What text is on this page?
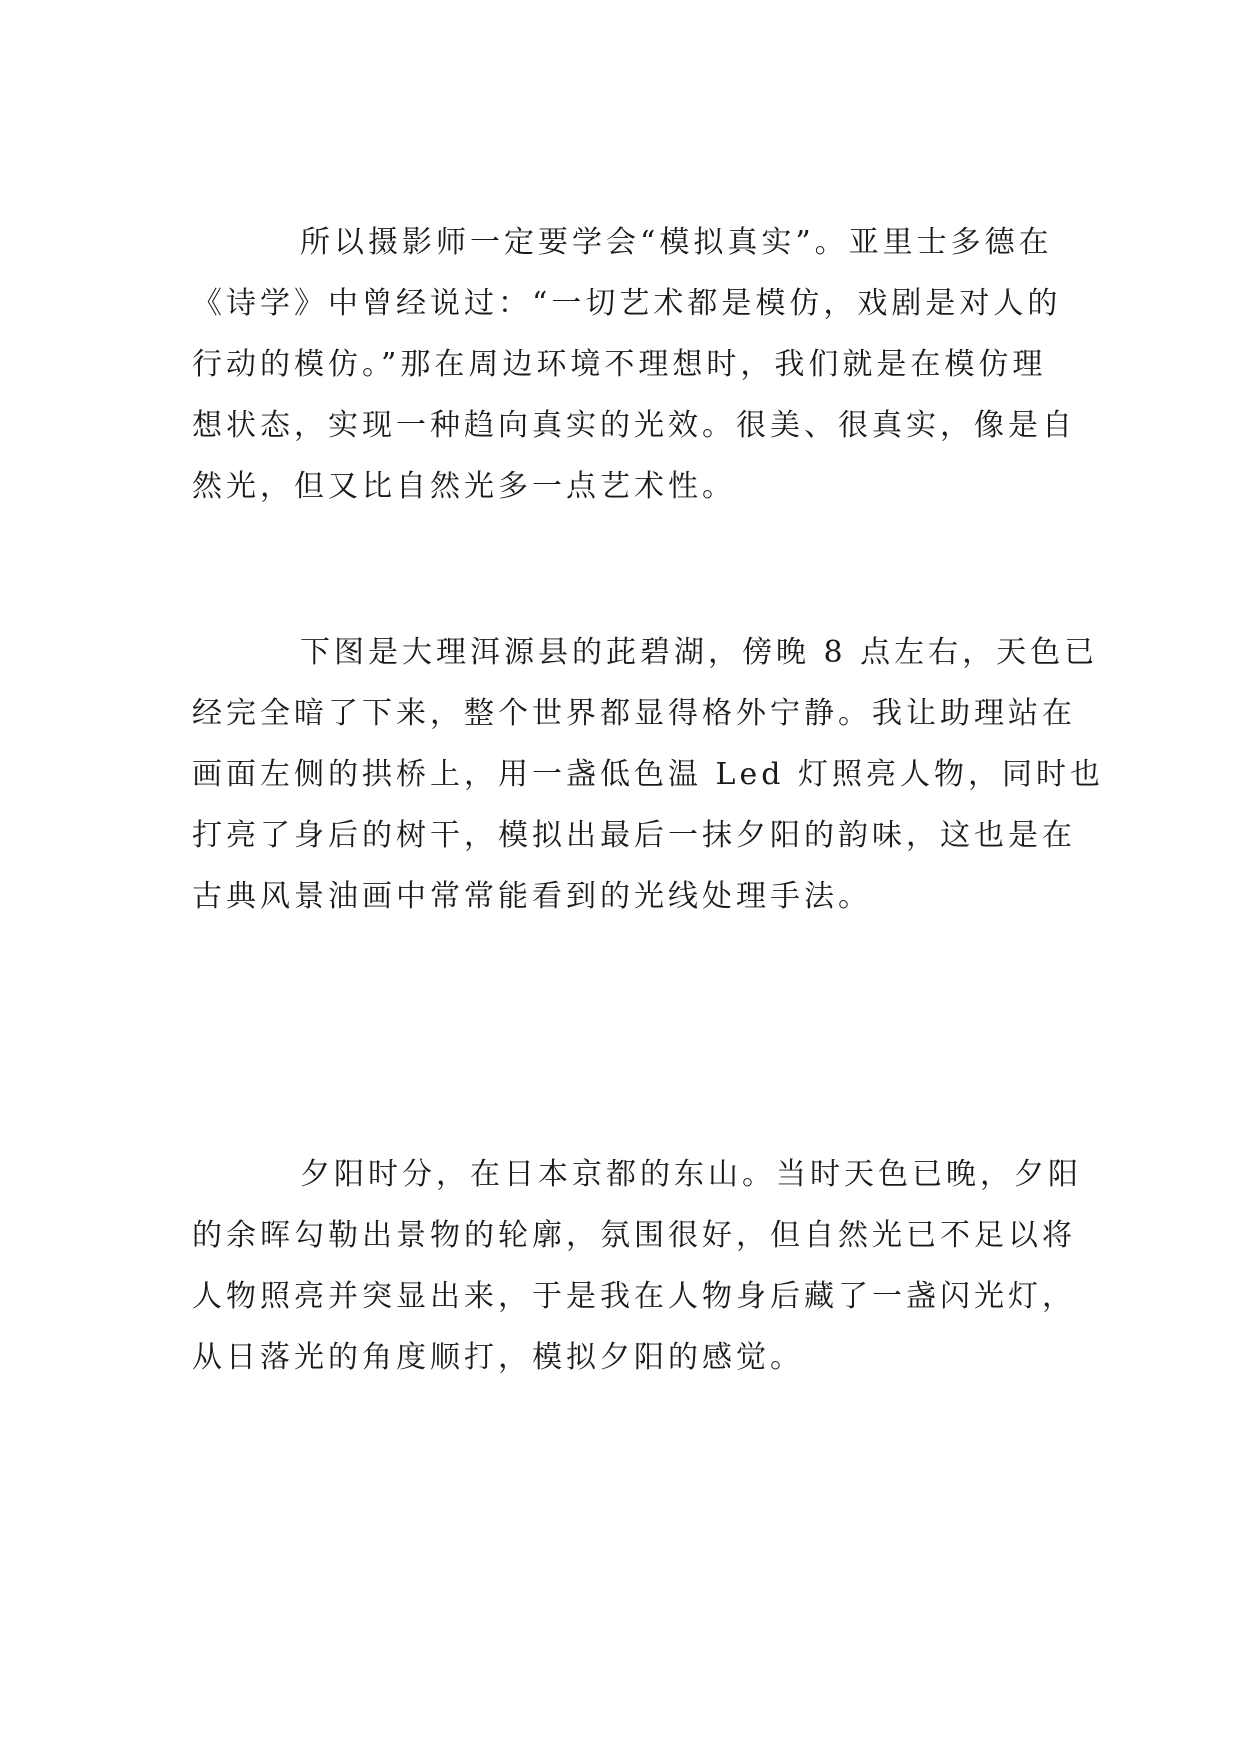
所以摄影师一定要学会“模拟真实”。亚里士多德在
《诗学》中曾经说过：“一切艺术都是模仿，戏剧是对人的
行动的模仿。”那在周边环境不理想时，我们就是在模仿理
想状态，实现一种趋向真实的光效。很美、很真实，像是自
然光，但又比自然光多一点艺术性。

下图是大理洱源县的茈碧湖，傍晚 8 点左右，天色已
经完全暗了下来，整个世界都显得格外宁静。我让助理站在
画面左侧的拱桥上，用一盏低色温 Led 灯照亮人物，同时也
打亮了身后的树干，模拟出最后一抹夕阳的韵味，这也是在
古典风景油画中常常能看到的光线处理手法。

夕阳时分，在日本京都的东山。当时天色已晚，夕阳
的余晖勾勒出景物的轮廓，氛围很好，但自然光已不足以将
人物照亮并突显出来，于是我在人物身后藏了一盏闪光灯，
从日落光的角度顺打，模拟夕阳的感觉。
